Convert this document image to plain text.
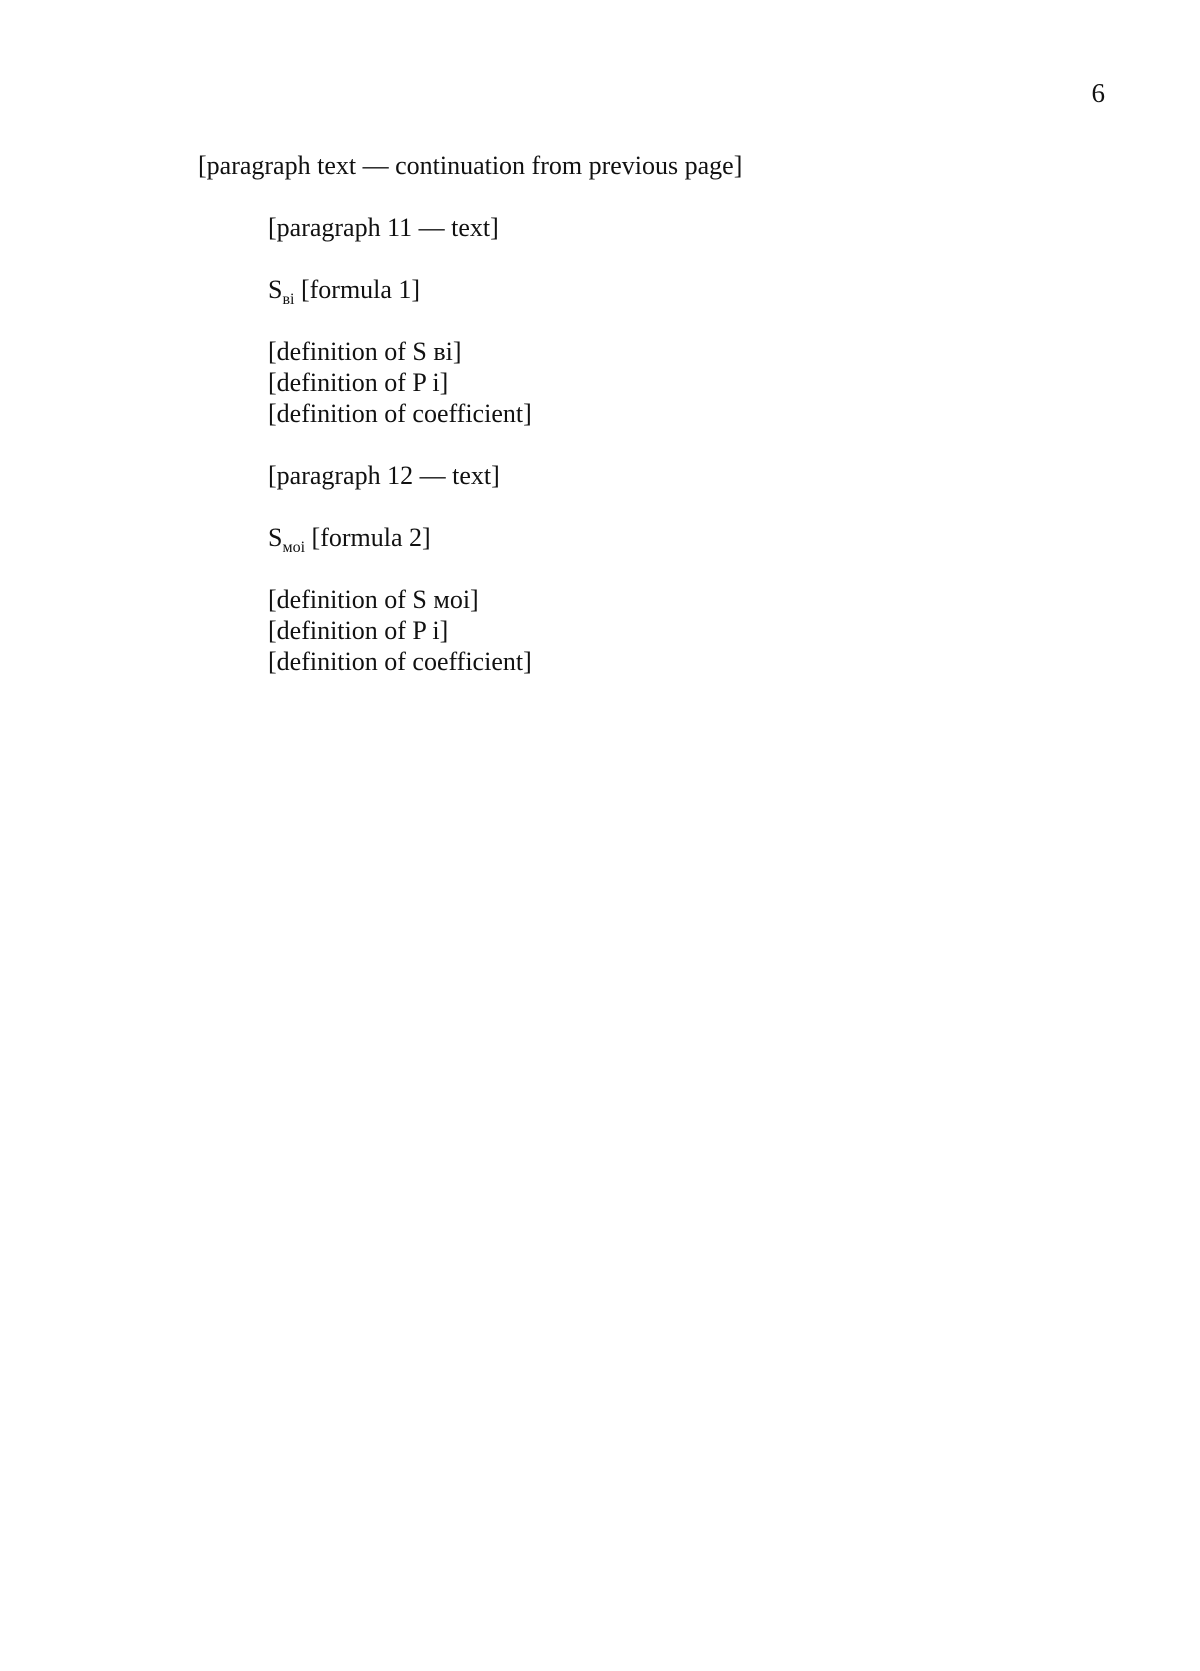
6

[paragraph text — continuation from previous page]

[paragraph 11 — text]

$S_{вi}$ [formula 1]

[definition of S вi]

[definition of P i]

[definition of coefficient]

[paragraph 12 — text]

$S_{моi}$ [formula 2]

[definition of S моi]

[definition of P i]

[definition of coefficient]
